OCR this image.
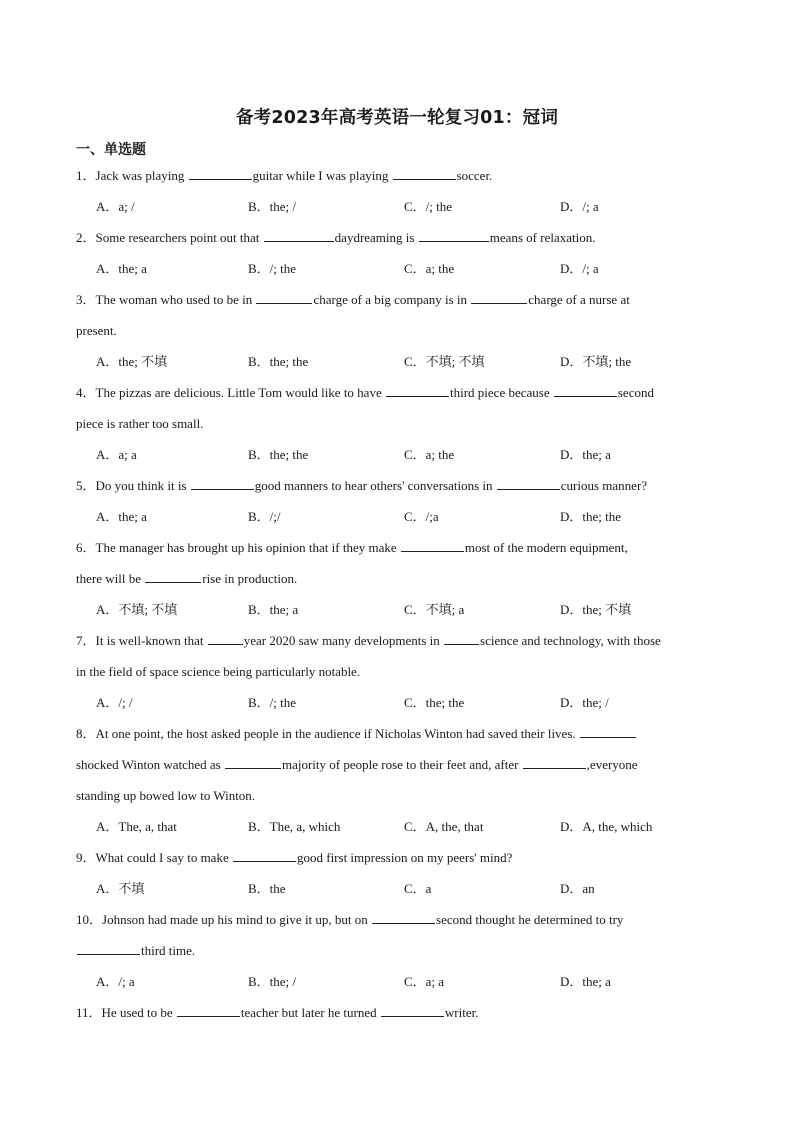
备考2023年高考英语一轮复习01：冠词
一、单选题
1．Jack was playing	guitar while I was playing	soccer.
A．a; /	B．the; /	C．/; the	D．/; a
2．Some researchers point out that	daydreaming is	means of relaxation.
A．the; a	B．/; the	C．a; the	D．/; a
3．The woman who used to be in	charge of a big company is in	charge of a nurse at
present.
A．the; 不填	B．the; the	C．不填; 不填	D．不填; the
4．The pizzas are delicious. Little Tom would like to have	third piece because	second
piece is rather too small.
A．a; a	B．the; the	C．a; the	D．the; a
5．Do you think it is	good manners to hear others' conversations in	curious manner?
A．the; a	B．/;/	C．/;a	D．the; the
6．The manager has brought up his opinion that if they make	most of the modern equipment,
there will be	rise in production.
A．不填; 不填	B．the; a	C．不填; a	D．the; 不填
7．It is well-known that	year 2020 saw many developments in	science and technology, with those
in the field of space science being particularly notable.
A．/; /	B．/; the	C．the; the	D．the; /
8．At one point, the host asked people in the audience if Nicholas Winton had saved their lives.
shocked Winton watched as	majority of people rose to their feet and, after	,everyone
standing up bowed low to Winton.
A．The, a, that	B．The, a, which	C．A, the, that	D．A, the, which
9．What could I say to make	good first impression on my peers' mind?
A．不填	B．the	C．a	D．an
10．Johnson had made up his mind to give it up, but on	second thought he determined to try
third time.
A．/; a	B．the; /	C．a; a	D．the; a
11．He used to be	teacher but later he turned	writer.
